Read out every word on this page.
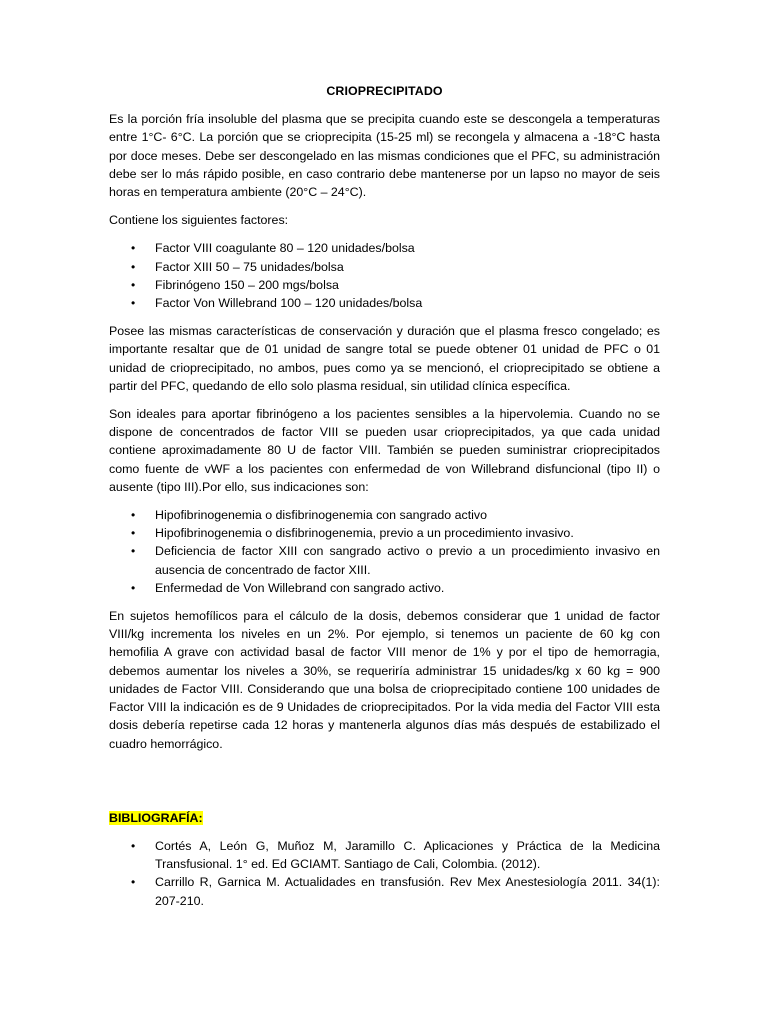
CRIOPRECIPITADO

Es la porción fría insoluble del plasma que se precipita cuando este se descongela a temperaturas entre 1°C- 6°C. La porción que se crioprecipita (15-25 ml) se recongela y almacena a -18°C hasta por doce meses. Debe ser descongelado en las mismas condiciones que el PFC, su administración debe ser lo más rápido posible, en caso contrario debe mantenerse por un lapso no mayor de seis horas en temperatura ambiente (20°C – 24°C).

Contiene los siguientes factores:

• Factor VIII coagulante 80 – 120 unidades/bolsa
• Factor XIII 50 – 75 unidades/bolsa
• Fibrinógeno 150 – 200 mgs/bolsa
• Factor Von Willebrand 100 – 120 unidades/bolsa

Posee las mismas características de conservación y duración que el plasma fresco congelado; es importante resaltar que de 01 unidad de sangre total se puede obtener 01 unidad de PFC o 01 unidad de crioprecipitado, no ambos, pues como ya se mencionó, el crioprecipitado se obtiene a partir del PFC, quedando de ello solo plasma residual, sin utilidad clínica específica.

Son ideales para aportar fibrinógeno a los pacientes sensibles a la hipervolemia. Cuando no se dispone de concentrados de factor VIII se pueden usar crioprecipitados, ya que cada unidad contiene aproximadamente 80 U de factor VIII. También se pueden suministrar crioprecipitados como fuente de vWF a los pacientes con enfermedad de von Willebrand disfuncional (tipo II) o ausente (tipo III).Por ello, sus indicaciones son:

• Hipofibrinogenemia o disfibrinogenemia con sangrado activo
• Hipofibrinogenemia o disfibrinogenemia, previo a un procedimiento invasivo.
• Deficiencia de factor XIII con sangrado activo o previo a un procedimiento invasivo en ausencia de concentrado de factor XIII.
• Enfermedad de Von Willebrand con sangrado activo.

En sujetos hemofílicos para el cálculo de la dosis, debemos considerar que 1 unidad de factor VIII/kg incrementa los niveles en un 2%. Por ejemplo, si tenemos un paciente de 60 kg con hemofilia A grave con actividad basal de factor VIII menor de 1% y por el tipo de hemorragia, debemos aumentar los niveles a 30%, se requeriría administrar 15 unidades/kg x 60 kg = 900 unidades de Factor VIII. Considerando que una bolsa de crioprecipitado contiene 100 unidades de Factor VIII la indicación es de 9 Unidades de crioprecipitados. Por la vida media del Factor VIII esta dosis debería repetirse cada 12 horas y mantenerla algunos días más después de estabilizado el cuadro hemorrágico.

BIBLIOGRAFÍA:
• Cortés A, León G, Muñoz M, Jaramillo C. Aplicaciones y Práctica de la Medicina Transfusional. 1° ed. Ed GCIAMT. Santiago de Cali, Colombia. (2012).
• Carrillo R, Garnica M. Actualidades en transfusión. Rev Mex Anestesiología 2011. 34(1): 207-210.
